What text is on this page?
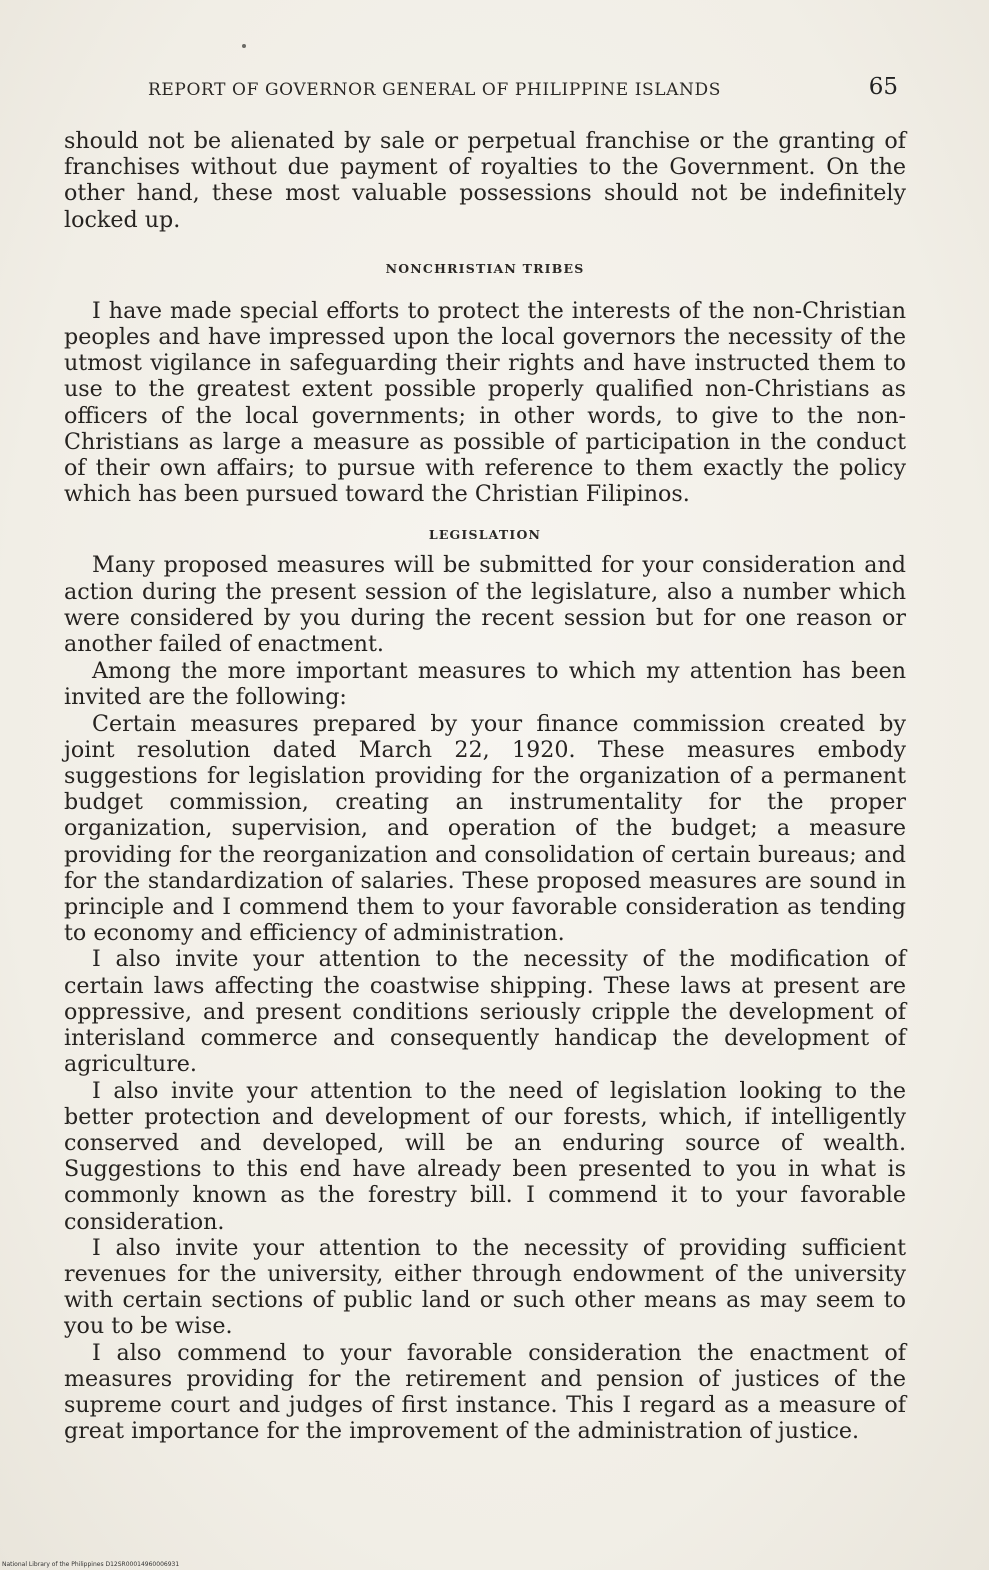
REPORT OF GOVERNOR GENERAL OF PHILIPPINE ISLANDS	65

should not be alienated by sale or perpetual franchise or the granting of franchises without due payment of royalties to the Government. On the other hand, these most valuable possessions should not be indefinitely locked up.

NONCHRISTIAN TRIBES

I have made special efforts to protect the interests of the non-Christian peoples and have impressed upon the local governors the necessity of the utmost vigilance in safeguarding their rights and have instructed them to use to the greatest extent possible properly qualified non-Christians as officers of the local governments; in other words, to give to the non-Christians as large a measure as possible of participation in the conduct of their own affairs; to pursue with reference to them exactly the policy which has been pursued toward the Christian Filipinos.

LEGISLATION

Many proposed measures will be submitted for your consideration and action during the present session of the legislature, also a number which were considered by you during the recent session but for one reason or another failed of enactment.

Among the more important measures to which my attention has been invited are the following:

Certain measures prepared by your finance commission created by joint resolution dated March 22, 1920. These measures embody suggestions for legislation providing for the organization of a permanent budget commission, creating an instrumentality for the proper organization, supervision, and operation of the budget; a measure providing for the reorganization and consolidation of certain bureaus; and for the standardization of salaries. These proposed measures are sound in principle and I commend them to your favorable consideration as tending to economy and efficiency of administration.

I also invite your attention to the necessity of the modification of certain laws affecting the coastwise shipping. These laws at present are oppressive, and present conditions seriously cripple the development of interisland commerce and consequently handicap the development of agriculture.

I also invite your attention to the need of legislation looking to the better protection and development of our forests, which, if intelligently conserved and developed, will be an enduring source of wealth. Suggestions to this end have already been presented to you in what is commonly known as the forestry bill. I commend it to your favorable consideration.

I also invite your attention to the necessity of providing sufficient revenues for the university, either through endowment of the university with certain sections of public land or such other means as may seem to you to be wise.

I also commend to your favorable consideration the enactment of measures providing for the retirement and pension of justices of the supreme court and judges of first instance. This I regard as a measure of great importance for the improvement of the administration of justice.

National Library of the Philippines D12SR00014960006931
